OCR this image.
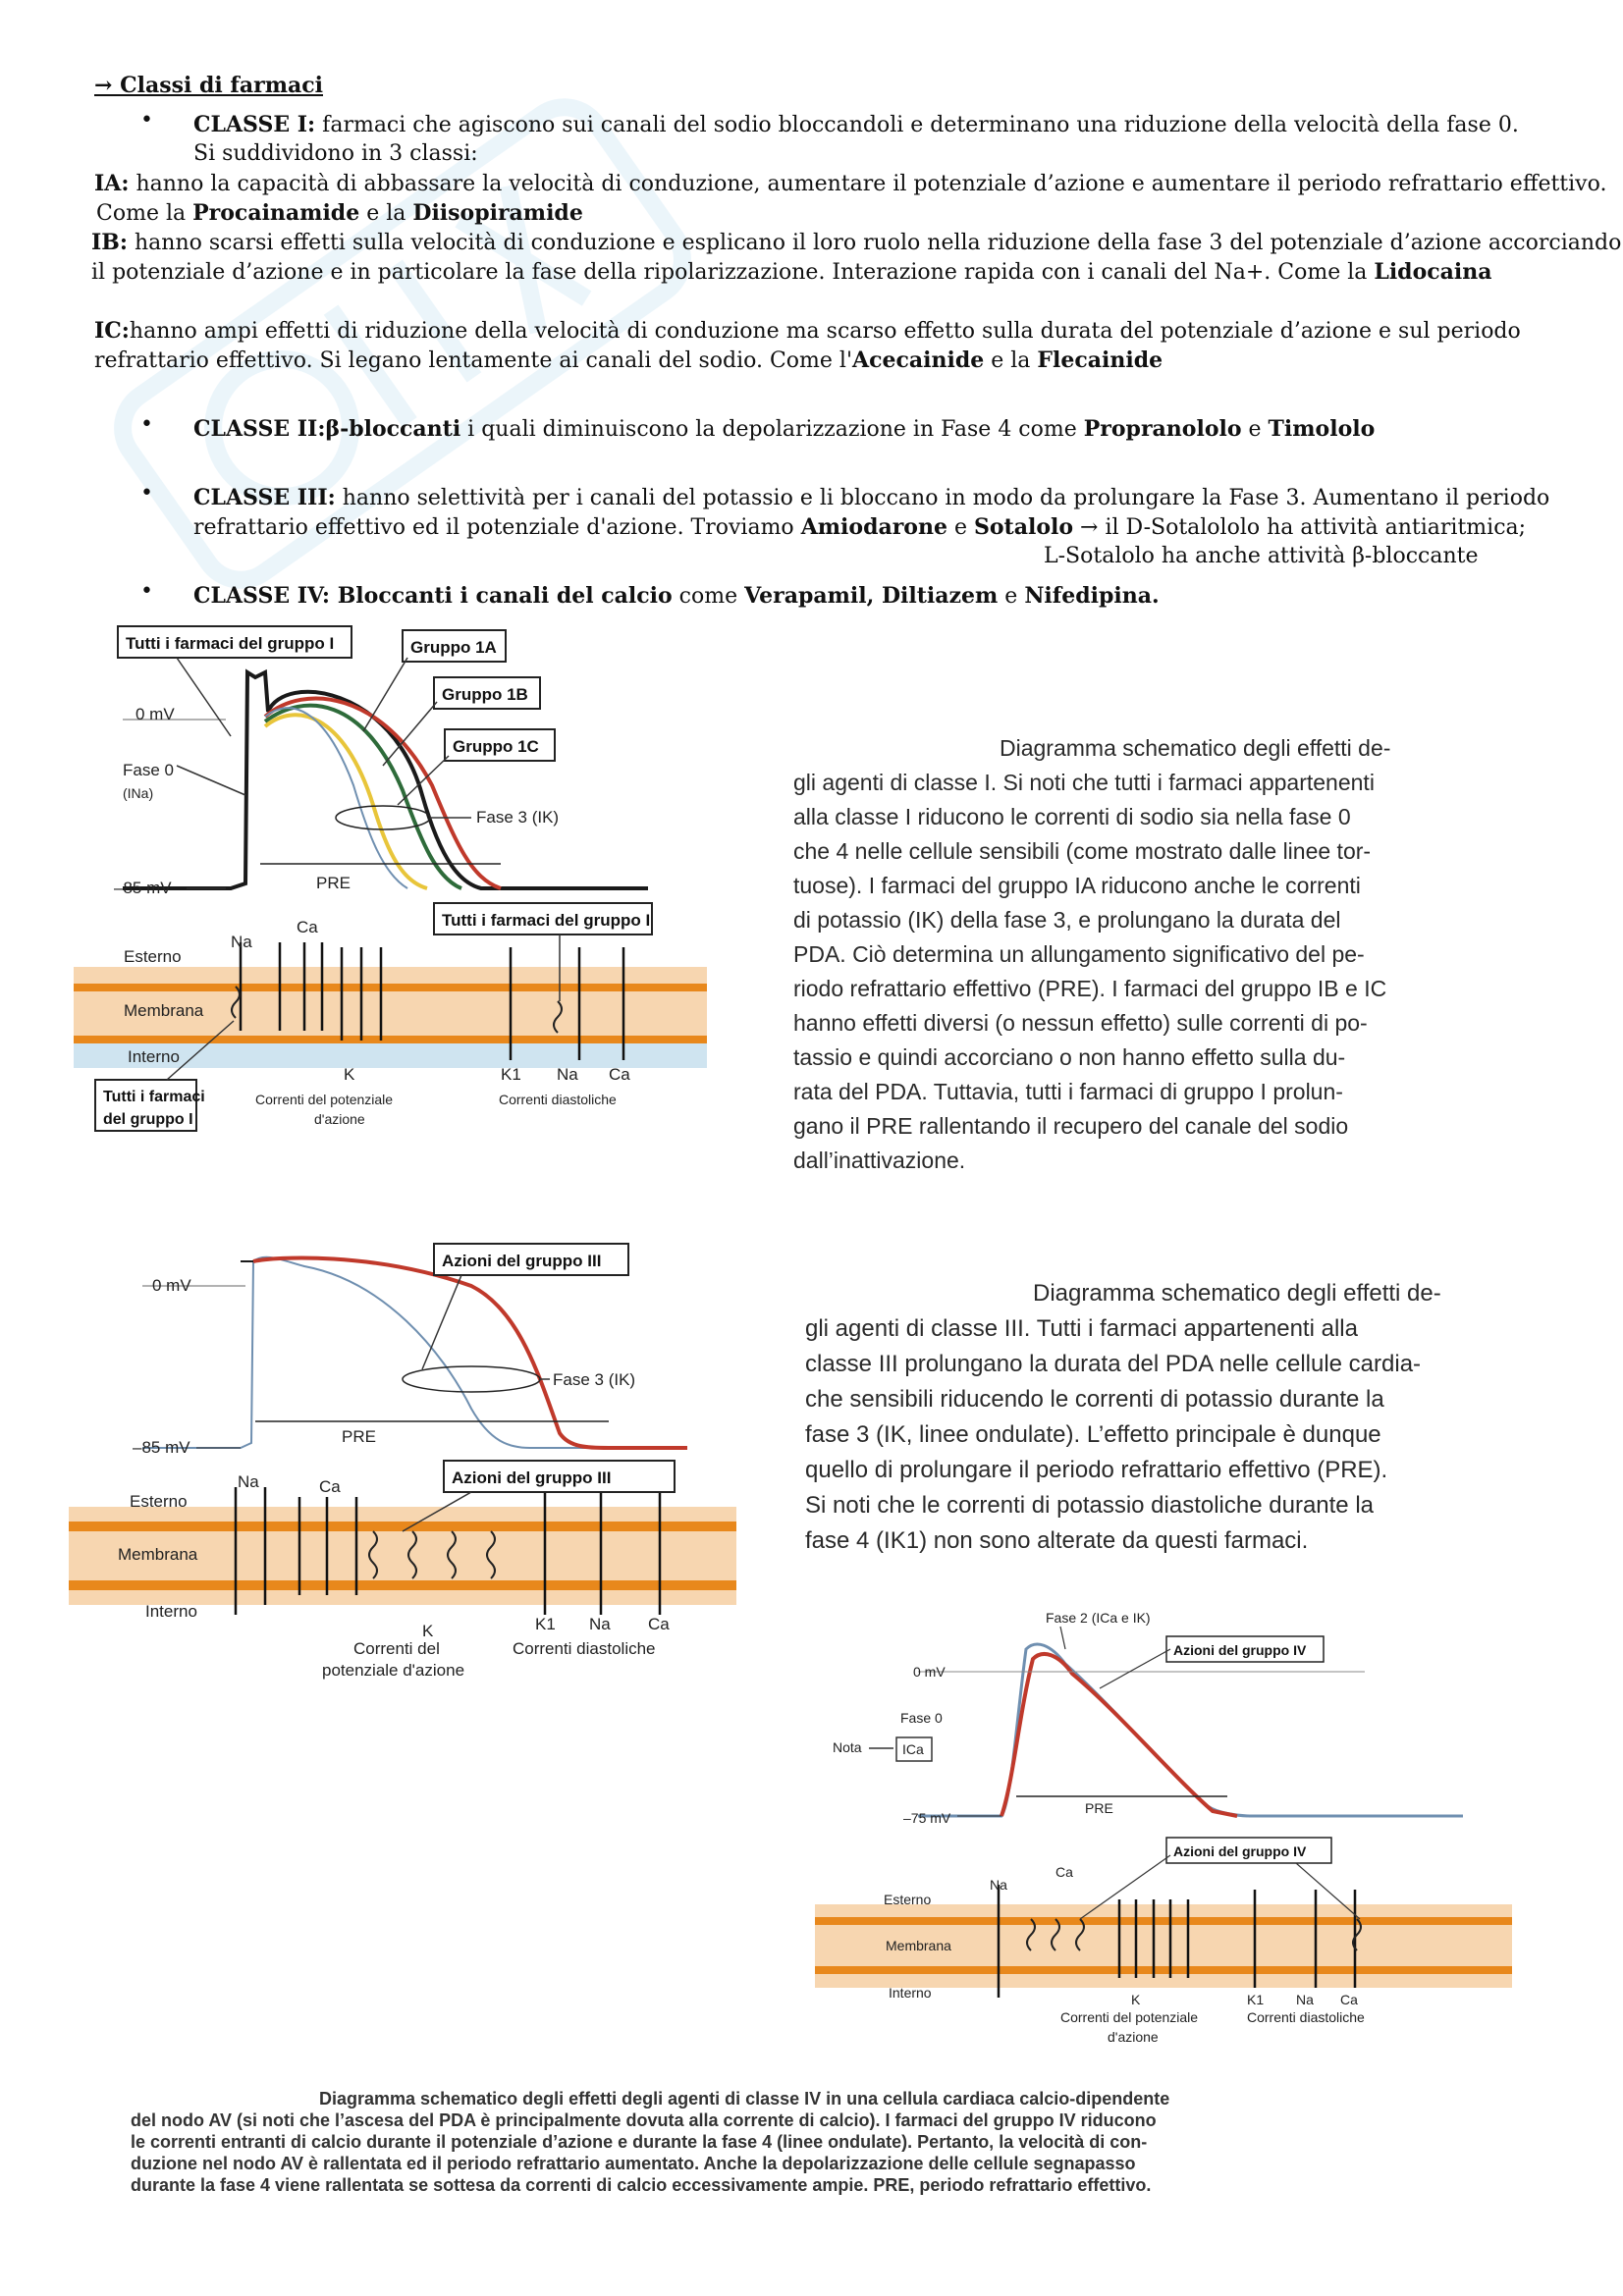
→ Classi di farmaci
• CLASSE I: farmaci che agiscono sui canali del sodio bloccandoli e determinano una riduzione della velocità della fase 0.
Si suddividono in 3 classi:
IA: hanno la capacità di abbassare la velocità di conduzione, aumentare il potenziale d’azione e aumentare il periodo refrattario effettivo.
Come la Procainamide e la Diisopiramide
IB: hanno scarsi effetti sulla velocità di conduzione e esplicano il loro ruolo nella riduzione della fase 3 del potenziale d’azione accorciando
il potenziale d’azione e in particolare la fase della ripolarizzazione. Interazione rapida con i canali del Na+. Come la Lidocaina
IC:hanno ampi effetti di riduzione della velocità di conduzione ma scarso effetto sulla durata del potenziale d’azione e sul periodo
refrattario effettivo. Si legano lentamente ai canali del sodio. Come l'Acecainide e la Flecainide
• CLASSE II:β-bloccanti i quali diminuiscono la depolarizzazione in Fase 4 come Propranololo e Timololo
• CLASSE III: hanno selettività per i canali del potassio e li bloccano in modo da prolungare la Fase 3. Aumentano il periodo
refrattario effettivo ed il potenziale d'azione. Troviamo Amiodarone e Sotalolo → il D-Sotalololo ha attività antiaritmica;
L-Sotalolo ha anche attività β-bloccante
• CLASSE IV: Bloccanti i canali del calcio come Verapamil, Diltiazem e Nifedipina.
0 mV
Fase 0
(INa)
–85 mV	PRE
Fase 3 (IK)
Tutti i farmaci del gruppo I	Gruppo 1A
Gruppo 1B
Gruppo 1C
Esterno
Membrana
Interno
Na
Ca
K	K1 Na Ca
Tutti i farmaci del gruppo I
Tutti i farmaci
del gruppo I
Correnti del potenziale
d'azione
Correnti diastoliche
Diagramma schematico degli effetti de-
gli agenti di classe I. Si noti che tutti i farmaci appartenenti
alla classe I riducono le correnti di sodio sia nella fase 0
che 4 nelle cellule sensibili (come mostrato dalle linee tor-
tuose). I farmaci del gruppo IA riducono anche le correnti
di potassio (IK) della fase 3, e prolungano la durata del
PDA. Ciò determina un allungamento significativo del pe-
riodo refrattario effettivo (PRE). I farmaci del gruppo IB e IC
hanno effetti diversi (o nessun effetto) sulle correnti di po-
tassio e quindi accorciano o non hanno effetto sulla du-
rata del PDA. Tuttavia, tutti i farmaci di gruppo I prolun-
gano il PRE rallentando il recupero del canale del sodio
dall’inattivazione.
0 mV
–85 mV
PRE
Fase 3 (IK)
Azioni del gruppo III
Esterno
Membrana
Interno
Na	Ca
K	K1 Na Ca
Azioni del gruppo III
Correnti del
potenziale d'azione
Correnti diastoliche
Diagramma schematico degli effetti de-
gli agenti di classe III. Tutti i farmaci appartenenti alla
classe III prolungano la durata del PDA nelle cellule cardia-
che sensibili riducendo le correnti di potassio durante la
fase 3 (IK, linee ondulate). L’effetto principale è dunque
quello di prolungare il periodo refrattario effettivo (PRE).
Si noti che le correnti di potassio diastoliche durante la
fase 4 (IK1) non sono alterate da questi farmaci.
0 mV
Fase 0
Nota	ICa
–75 mV
PRE
Fase 2 (ICa e IK)
Azioni del gruppo IV
Esterno
Membrana
Interno
Na
Ca
K	K1 Na Ca
Azioni del gruppo IV
Correnti del potenziale
d'azione
Correnti diastoliche
Diagramma schematico degli effetti degli agenti di classe IV in una cellula cardiaca calcio-dipendente
del nodo AV (si noti che l’ascesa del PDA è principalmente dovuta alla corrente di calcio). I farmaci del gruppo IV riducono
le correnti entranti di calcio durante il potenziale d’azione e durante la fase 4 (linee ondulate). Pertanto, la velocità di con-
duzione nel nodo AV è rallentata ed il periodo refrattario aumentato. Anche la depolarizzazione delle cellule segnapasso
durante la fase 4 viene rallentata se sottesa da correnti di calcio eccessivamente ampie. PRE, periodo refrattario effettivo.
